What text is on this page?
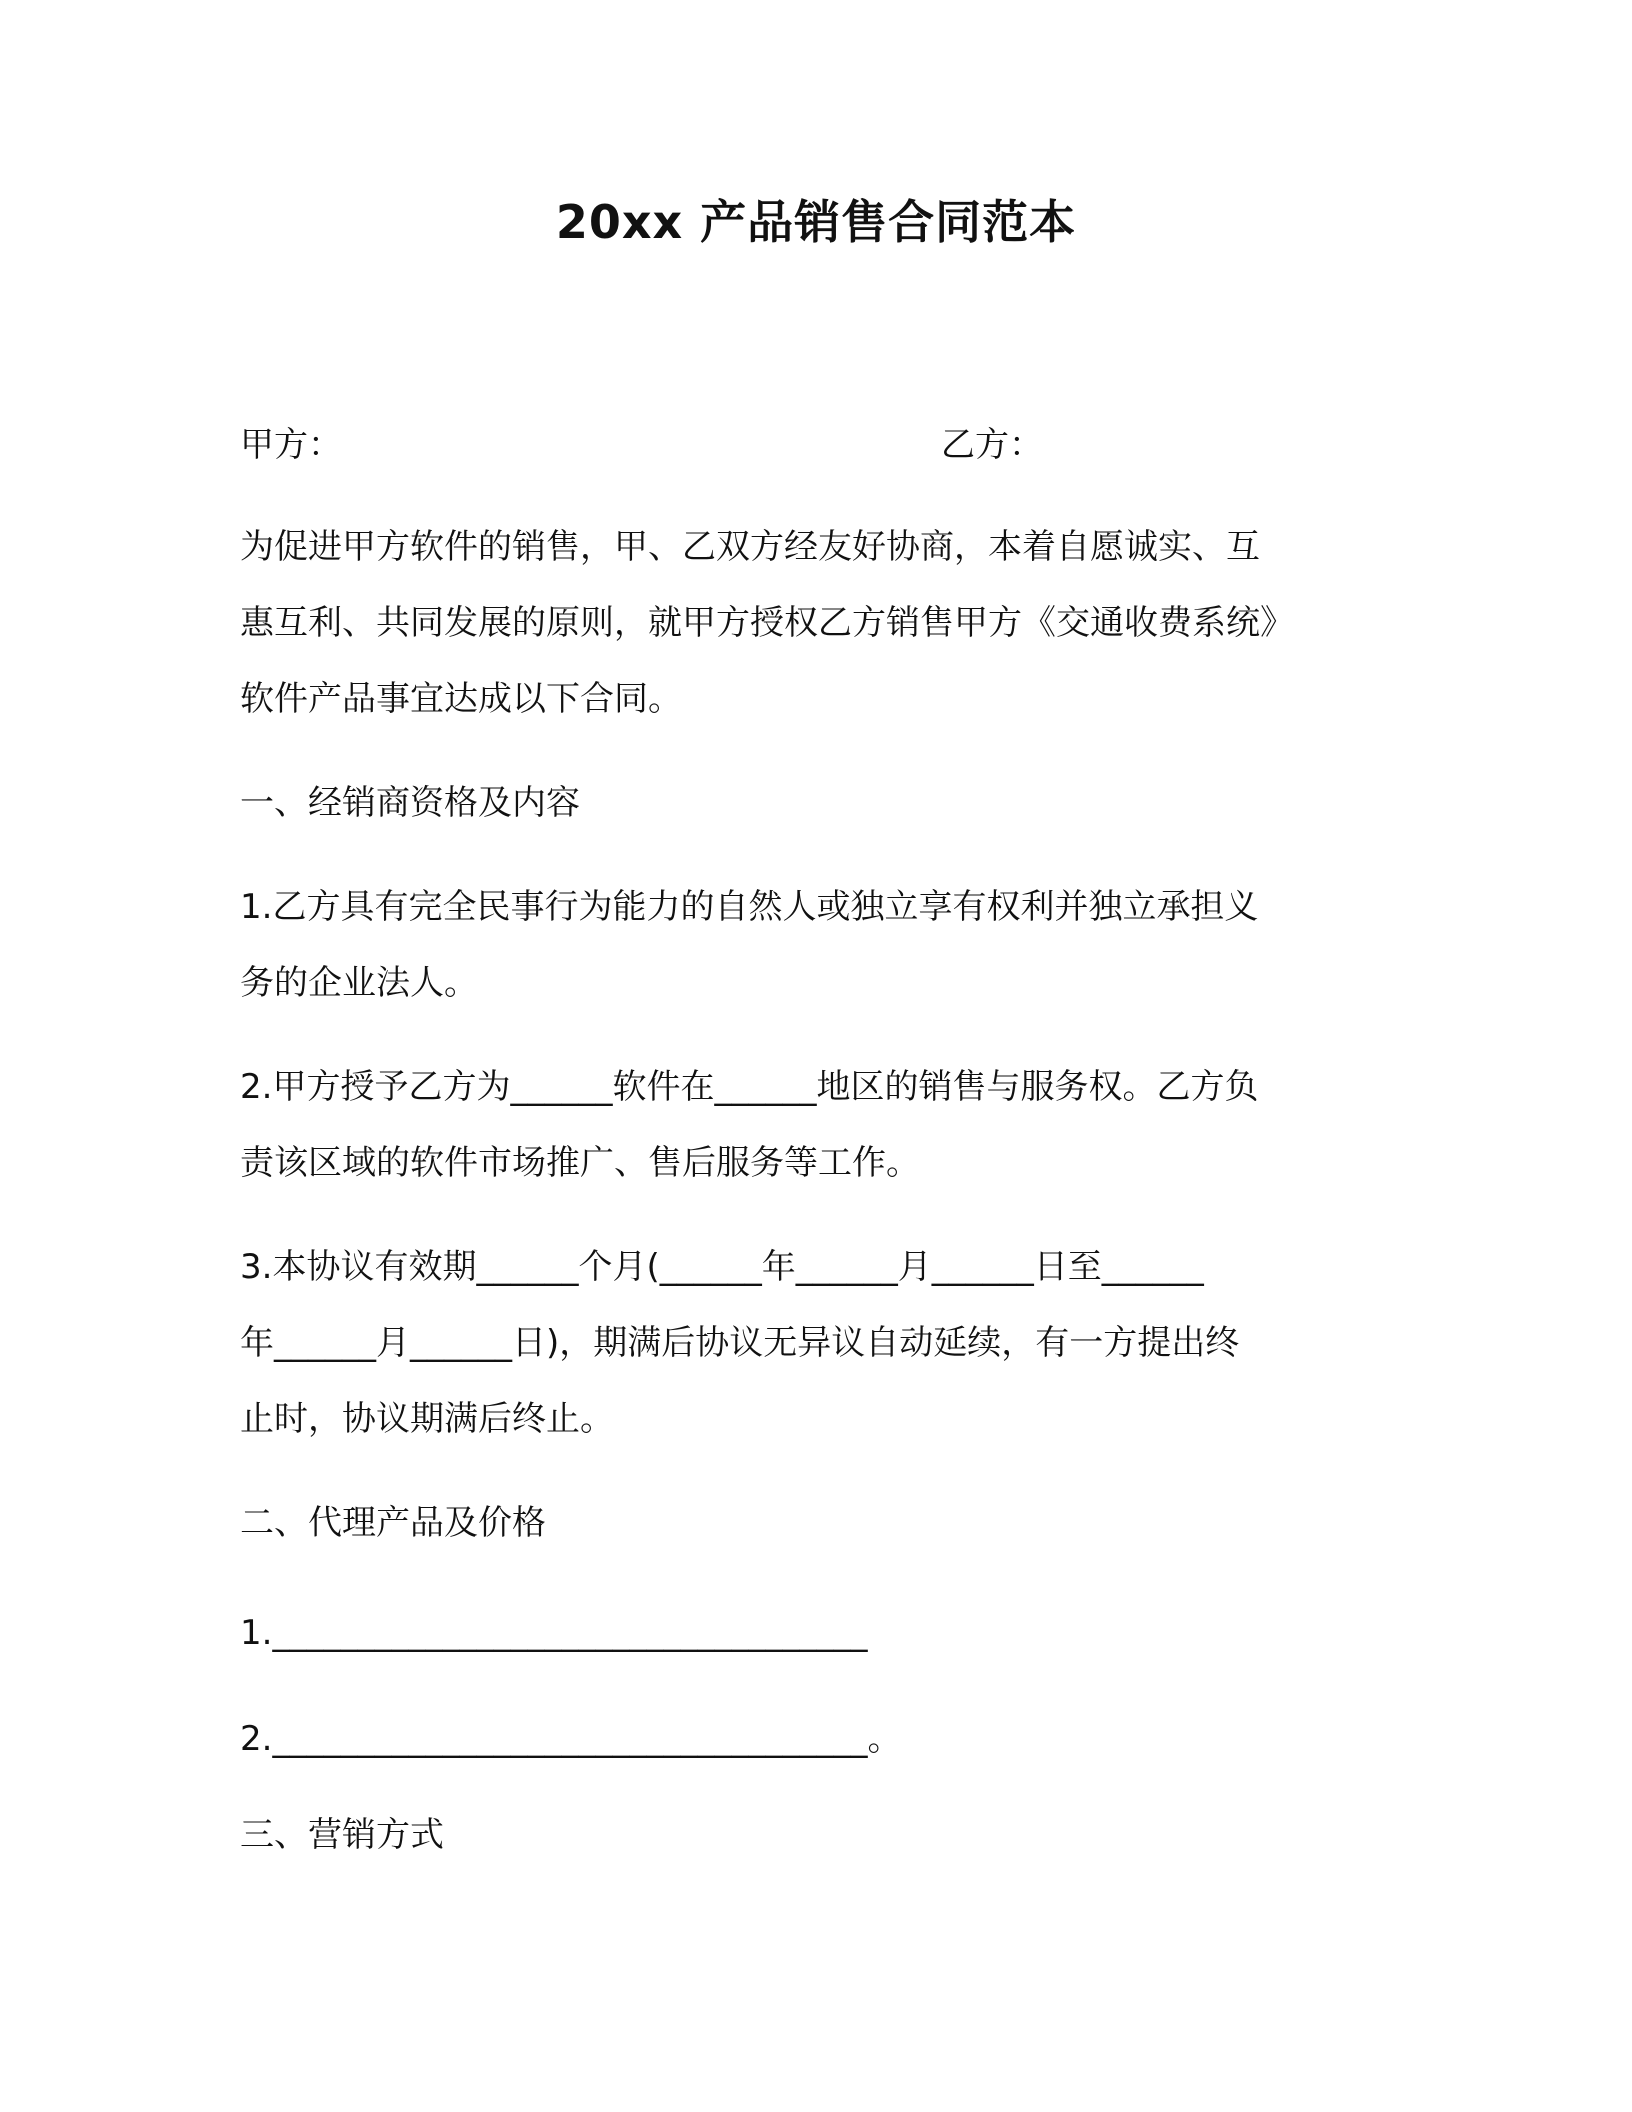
20xx 产品销售合同范本
甲方：	乙方：
为促进甲方软件的销售，甲、乙双方经友好协商，本着自愿诚实、互
惠互利、共同发展的原则，就甲方授权乙方销售甲方《交通收费系统》
软件产品事宜达成以下合同。
一、经销商资格及内容
1.乙方具有完全民事行为能力的自然人或独立享有权利并独立承担义
务的企业法人。
2.甲方授予乙方为______软件在______地区的销售与服务权。乙方负
责该区域的软件市场推广、售后服务等工作。
3.本协议有效期______个月(______年______月______日至______
年______月______日)，期满后协议无异议自动延续，有一方提出终
止时，协议期满后终止。
二、代理产品及价格
1.___________________________________
2.___________________________________。
三、营销方式
